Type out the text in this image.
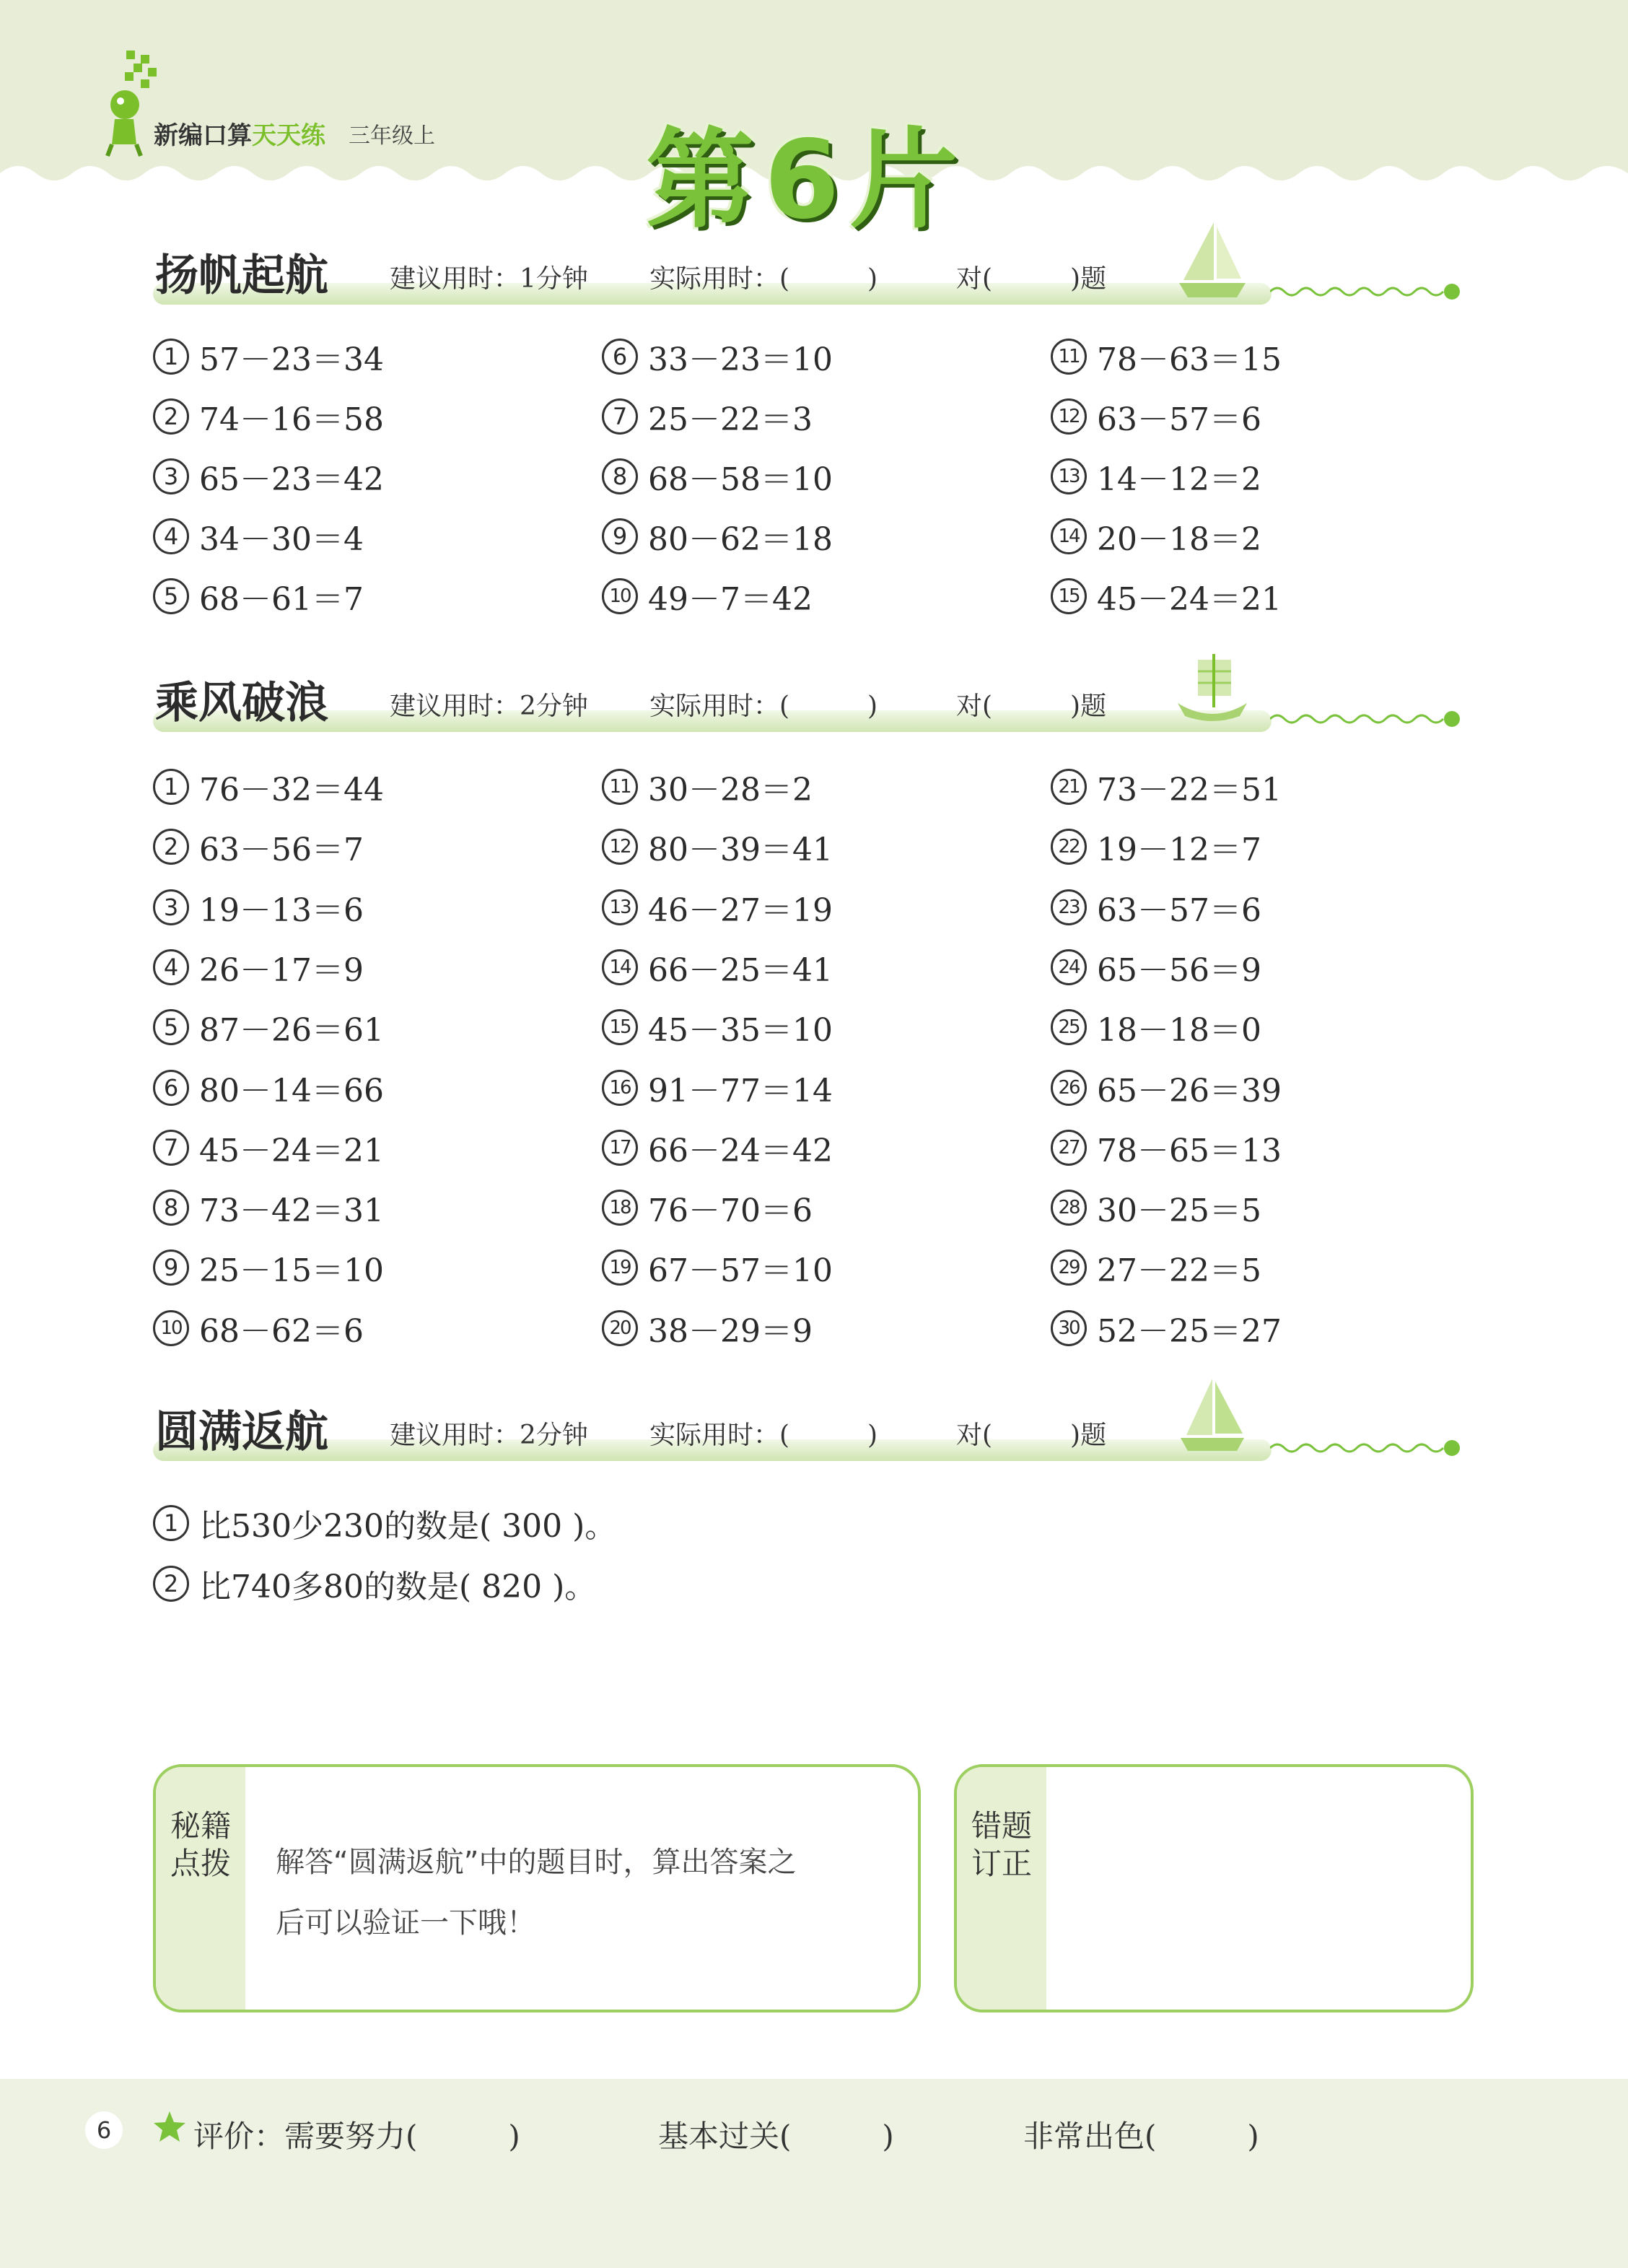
新编口算天天练 三年级上 第6片
扬帆起航 建议用时：1分钟 实际用时：(　　　)	对(　　　)题
1 57－23＝34
2 74－16＝58
3 65－23＝42
4 34－30＝4
5 68－61＝7
6 33－23＝10
7 25－22＝3
8 68－58＝10
9 80－62＝18
10 49－7＝42
11 78－63＝15
12 63－57＝6
13 14－12＝2
14 20－18＝2
15 45－24＝21
乘风破浪 建议用时：2分钟 实际用时：(　　　)	对(　　　)题
1 76－32＝44
2 63－56＝7
3 19－13＝6
4 26－17＝9
5 87－26＝61
6 80－14＝66
7 45－24＝21
8 73－42＝31
9 25－15＝10
10 68－62＝6
11 30－28＝2
12 80－39＝41
13 46－27＝19
14 66－25＝41
15 45－35＝10
16 91－77＝14
17 66－24＝42
18 76－70＝6
19 67－57＝10
20 38－29＝9
21 73－22＝51
22 19－12＝7
23 63－57＝6
24 65－56＝9
25 18－18＝0
26 65－26＝39
27 78－65＝13
28 30－25＝5
29 27－22＝5
30 52－25＝27
圆满返航 建议用时：2分钟 实际用时：(　　　)	对(　　　)题
1 比530少230的数是( 300 )。
2 比740多80的数是( 820 )。
秘籍点拨	解答“圆满返航”中的题目时，算出答案之
后可以验证一下哦！
错题订正
6	评价：需要努力(　　　)	基本过关(　　　)	非常出色(　　　)
